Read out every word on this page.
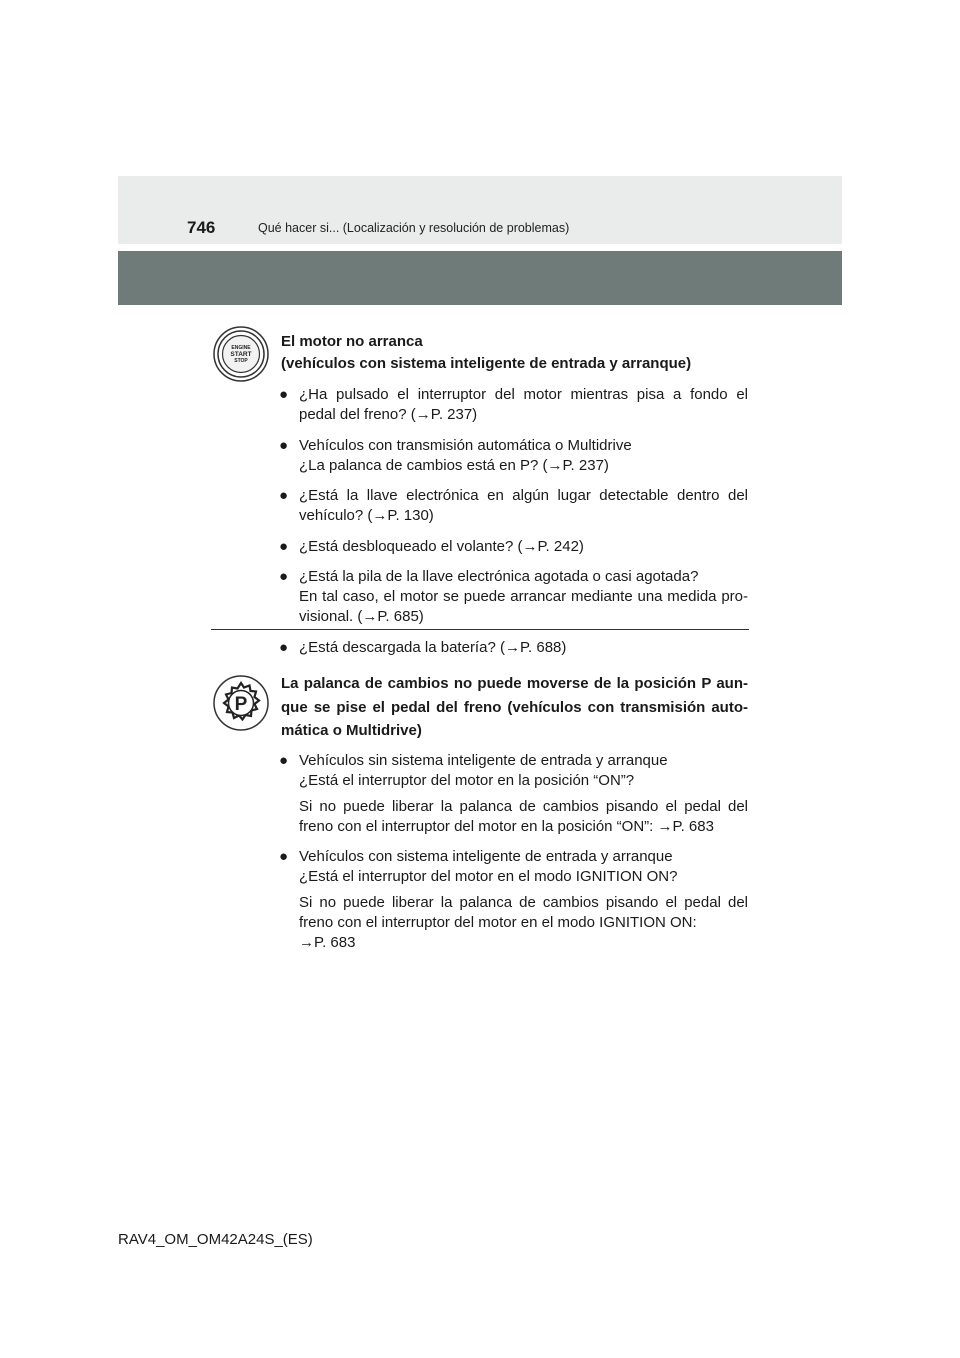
746	Qué hacer si... (Localización y resolución de problemas)
ENGINE
START
STOP
El motor no arranca
(vehículos con sistema inteligente de entrada y arranque)
● ¿Ha pulsado el interruptor del motor mientras pisa a fondo el
pedal del freno? (→P. 237)
● Vehículos con transmisión automática o Multidrive
¿La palanca de cambios está en P? (→P. 237)
● ¿Está la llave electrónica en algún lugar detectable dentro del
vehículo? (→P. 130)
● ¿Está desbloqueado el volante? (→P. 242)
● ¿Está la pila de la llave electrónica agotada o casi agotada?
En tal caso, el motor se puede arrancar mediante una medida pro-
visional. (→P. 685)
● ¿Está descargada la batería? (→P. 688)
P
La palanca de cambios no puede moverse de la posición P aun-
que se pise el pedal del freno (vehículos con transmisión auto-
mática o Multidrive)
● Vehículos sin sistema inteligente de entrada y arranque
¿Está el interruptor del motor en la posición “ON”?
Si no puede liberar la palanca de cambios pisando el pedal del
freno con el interruptor del motor en la posición “ON”: →P. 683
● Vehículos con sistema inteligente de entrada y arranque
¿Está el interruptor del motor en el modo IGNITION ON?
Si no puede liberar la palanca de cambios pisando el pedal del
freno con el interruptor del motor en el modo IGNITION ON:
→P. 683
RAV4_OM_OM42A24S_(ES)
